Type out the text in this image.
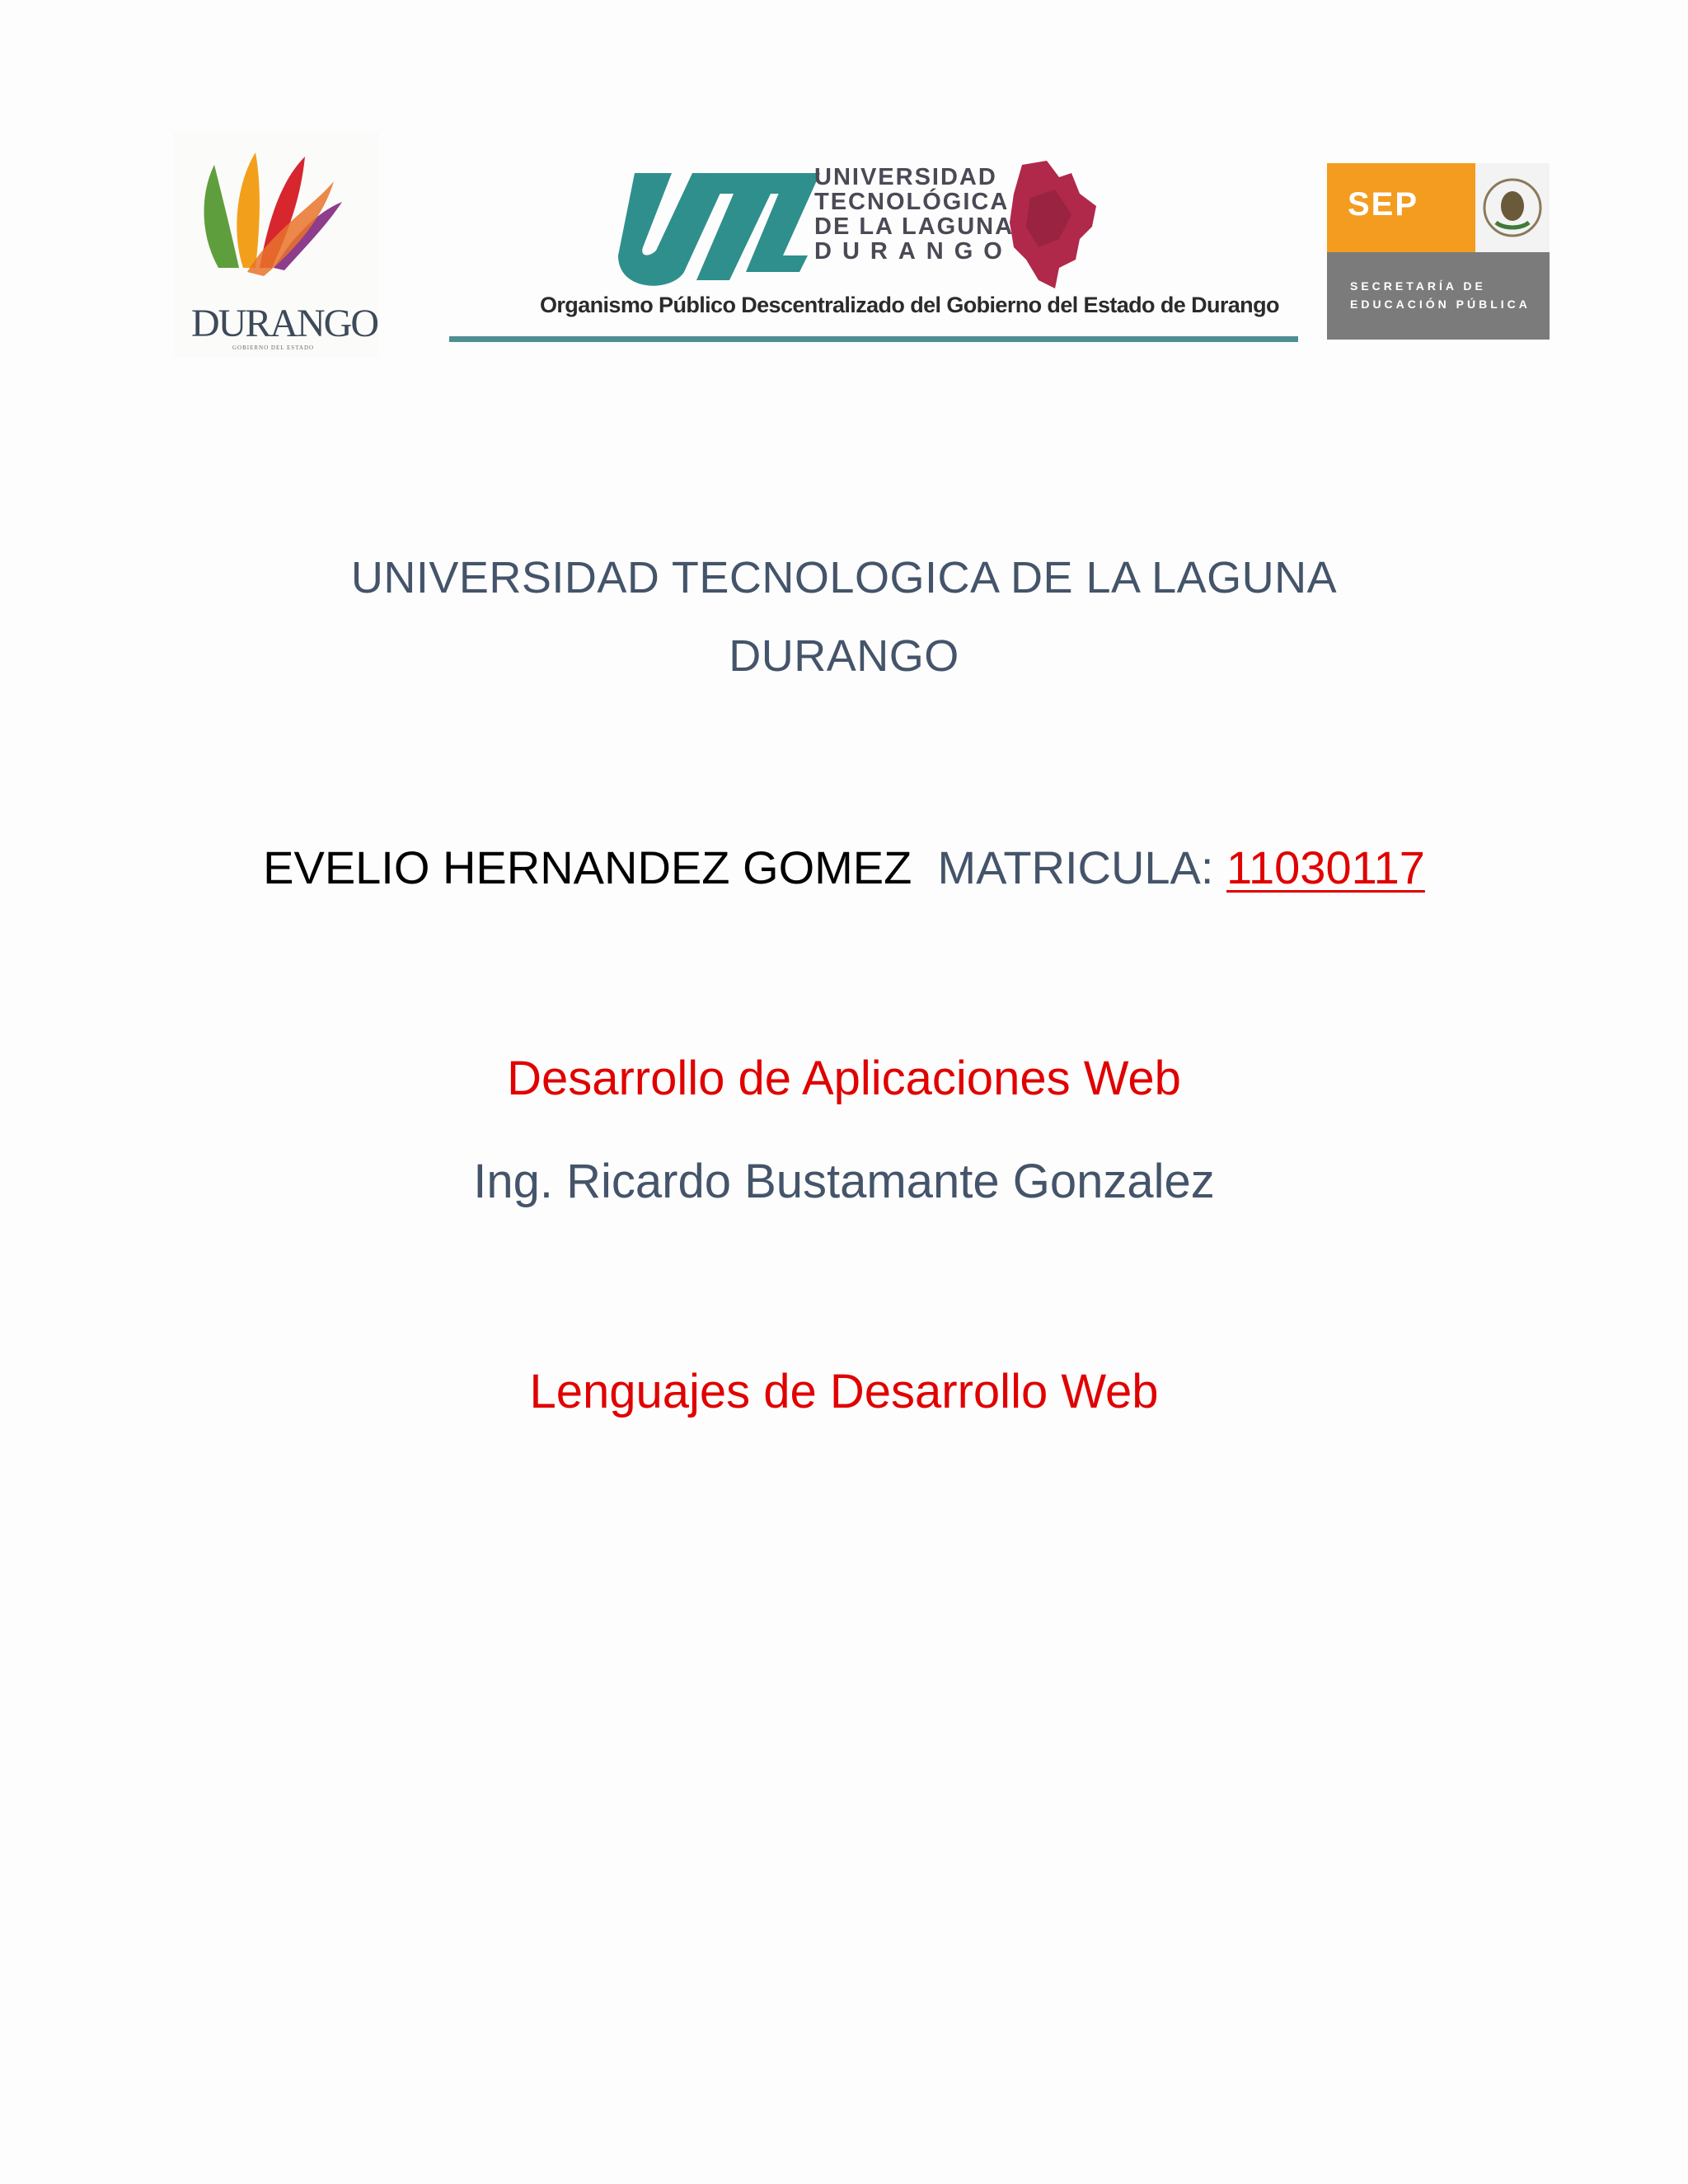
DURANGO
GOBIERNO DEL ESTADO
UNIVERSIDAD
TECNOLÓGICA
DE LA LAGUNA
DURANGO
Organismo Público Descentralizado del Gobierno del Estado de Durango
SEP
SECRETARÍA DE
EDUCACIÓN PÚBLICA
UNIVERSIDAD TECNOLOGICA DE LA LAGUNA
DURANGO
EVELIO HERNANDEZ GOMEZ MATRICULA: 11030117
Desarrollo de Aplicaciones Web
Ing. Ricardo Bustamante Gonzalez
Lenguajes de Desarrollo Web
